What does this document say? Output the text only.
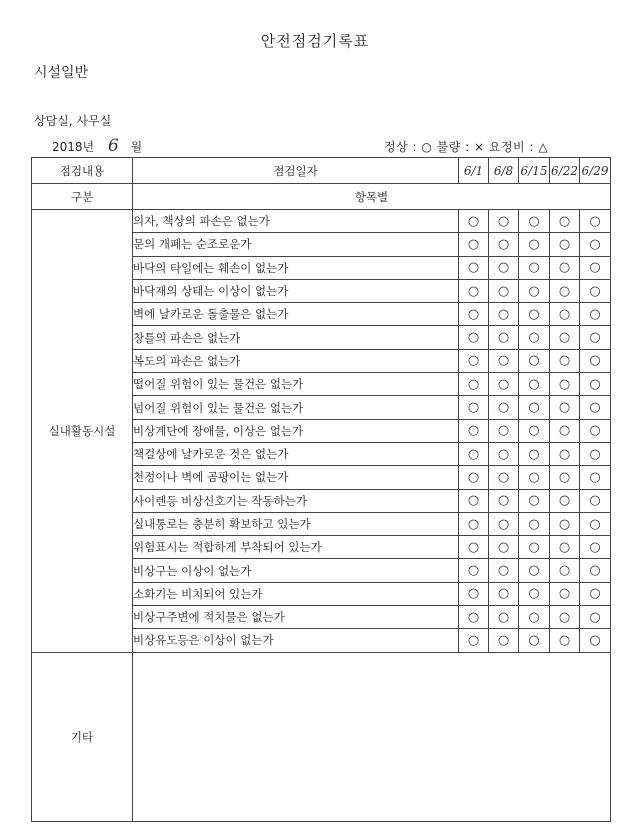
안전점검기록표
시설일반
상담실, 사무실
2018년 6 월	정상 : ○ 불량 : × 요정비 : △
점검내용	점검일자	6/1	6/8	6/15	6/22	6/29
구분	항목별					
실내활동시설	의자, 책상의 파손은 없는가	○	○	○	○	○
	문의 개폐는 순조로운가	○	○	○	○	○
	바닥의 타일에는 훼손이 없는가	○	○	○	○	○
	바닥재의 상태는 이상이 없는가	○	○	○	○	○
	벽에 날카로운 돌출물은 없는가	○	○	○	○	○
	창틀의 파손은 없는가	○	○	○	○	○
	복도의 파손은 없는가	○	○	○	○	○
	떨어질 위험이 있는 물건은 없는가	○	○	○	○	○
	넘어질 위험이 있는 물건은 없는가	○	○	○	○	○
	비상계단에 장애물, 이상은 없는가	○	○	○	○	○
	책걸상에 날카로운 것은 없는가	○	○	○	○	○
	천정이나 벽에 곰팡이는 없는가	○	○	○	○	○
	사이렌등 비상신호기는 작동하는가	○	○	○	○	○
	실내통로는 충분히 확보하고 있는가	○	○	○	○	○
	위험표시는 적합하게 부착되어 있는가	○	○	○	○	○
	비상구는 이상이 없는가	○	○	○	○	○
	소화기는 비치되어 있는가	○	○	○	○	○
	비상구주변에 적치물은 없는가	○	○	○	○	○
	비상유도등은 이상이 없는가	○	○	○	○	○
기타						
